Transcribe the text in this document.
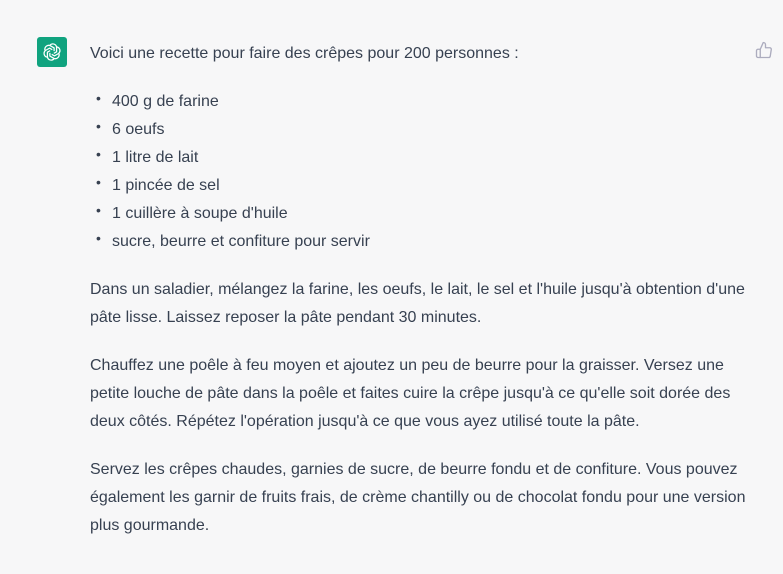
Voici une recette pour faire des crêpes pour 200 personnes :

• 400 g de farine
• 6 oeufs
• 1 litre de lait
• 1 pincée de sel
• 1 cuillère à soupe d'huile
• sucre, beurre et confiture pour servir

Dans un saladier, mélangez la farine, les oeufs, le lait, le sel et l'huile jusqu'à obtention d'une pâte lisse. Laissez reposer la pâte pendant 30 minutes.

Chauffez une poêle à feu moyen et ajoutez un peu de beurre pour la graisser. Versez une petite louche de pâte dans la poêle et faites cuire la crêpe jusqu'à ce qu'elle soit dorée des deux côtés. Répétez l'opération jusqu'à ce que vous ayez utilisé toute la pâte.

Servez les crêpes chaudes, garnies de sucre, de beurre fondu et de confiture. Vous pouvez également les garnir de fruits frais, de crème chantilly ou de chocolat fondu pour une version plus gourmande.
